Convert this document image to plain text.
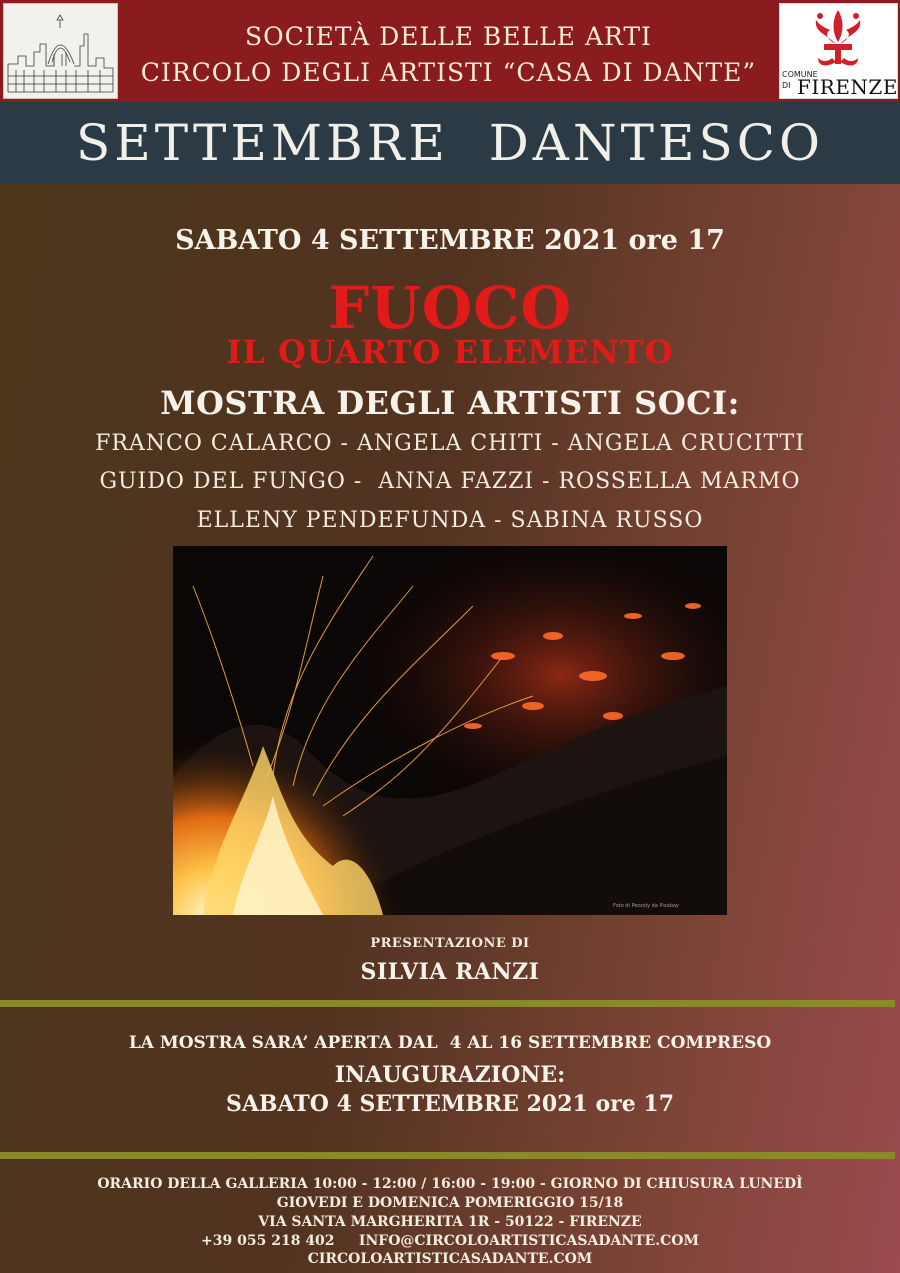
COMUNE
DI FIRENZE
SOCIETÀ DELLE BELLE ARTI
CIRCOLO DEGLI ARTISTI “CASA DI DANTE”
SETTEMBRE  DANTESCO
SABATO 4 SETTEMBRE 2021 ore 17
FUOCO
IL QUARTO ELEMENTO
MOSTRA DEGLI ARTISTI SOCI:
FRANCO CALARCO - ANGELA CHITI - ANGELA CRUCITTI
GUIDO DEL FUNGO -  ANNA FAZZI - ROSSELLA MARMO
ELLENY PENDEFUNDA - SABINA RUSSO
Foto di Pezzoly da Pixabay
PRESENTAZIONE DI
SILVIA RANZI
LA MOSTRA SARA’ APERTA DAL  4 AL 16 SETTEMBRE COMPRESO
INAUGURAZIONE:
SABATO 4 SETTEMBRE 2021 ore 17
ORARIO DELLA GALLERIA 10:00 - 12:00 / 16:00 - 19:00 - GIORNO DI CHIUSURA LUNEDÌ
GIOVEDI E DOMENICA POMERIGGIO 15/18
VIA SANTA MARGHERITA 1R - 50122 - FIRENZE
+39 055 218 402     INFO@CIRCOLOARTISTICASADANTE.COM
CIRCOLOARTISTICASADANTE.COM
